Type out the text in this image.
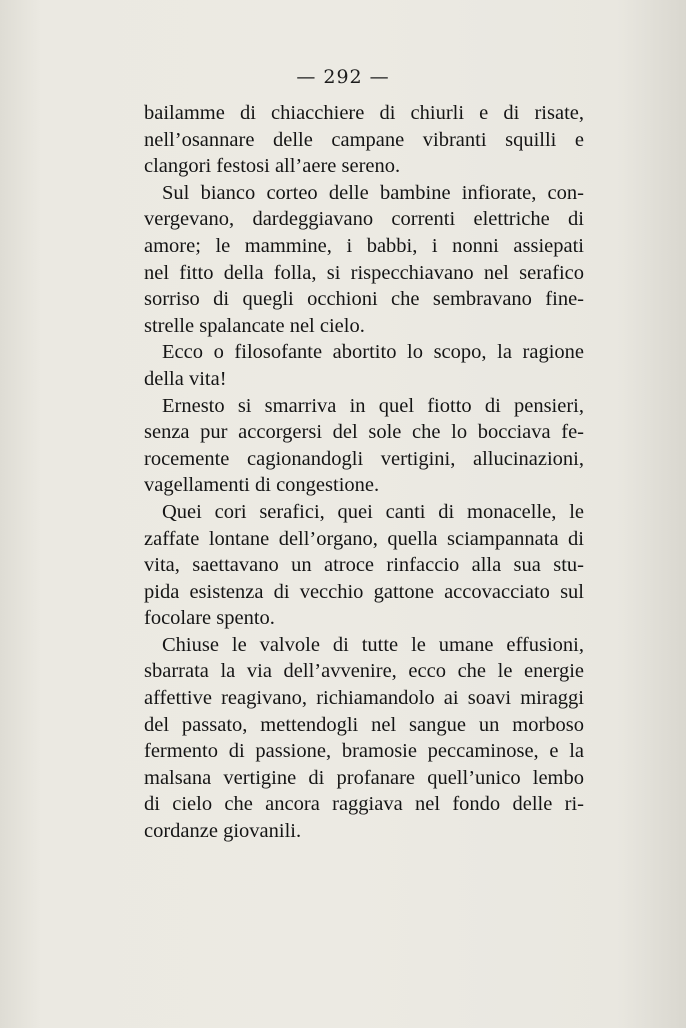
— 292 —
bailamme di chiacchiere di chiurli e di risate,
nell’osannare delle campane vibranti squilli e
clangori festosi all’aere sereno.
Sul bianco corteo delle bambine infiorate, con-
vergevano, dardeggiavano correnti elettriche di
amore; le mammine, i babbi, i nonni assiepati
nel fitto della folla, si rispecchiavano nel serafico
sorriso di quegli occhioni che sembravano fine-
strelle spalancate nel cielo.
Ecco o filosofante abortito lo scopo, la ragione
della vita!
Ernesto si smarriva in quel fiotto di pensieri,
senza pur accorgersi del sole che lo bocciava fe-
rocemente cagionandogli vertigini, allucinazioni,
vagellamenti di congestione.
Quei cori serafici, quei canti di monacelle, le
zaffate lontane dell’organo, quella sciampannata di
vita, saettavano un atroce rinfaccio alla sua stu-
pida esistenza di vecchio gattone accovacciato sul
focolare spento.
Chiuse le valvole di tutte le umane effusioni,
sbarrata la via dell’avvenire, ecco che le energie
affettive reagivano, richiamandolo ai soavi miraggi
del passato, mettendogli nel sangue un morboso
fermento di passione, bramosie peccaminose, e la
malsana vertigine di profanare quell’unico lembo
di cielo che ancora raggiava nel fondo delle ri-
cordanze giovanili.
